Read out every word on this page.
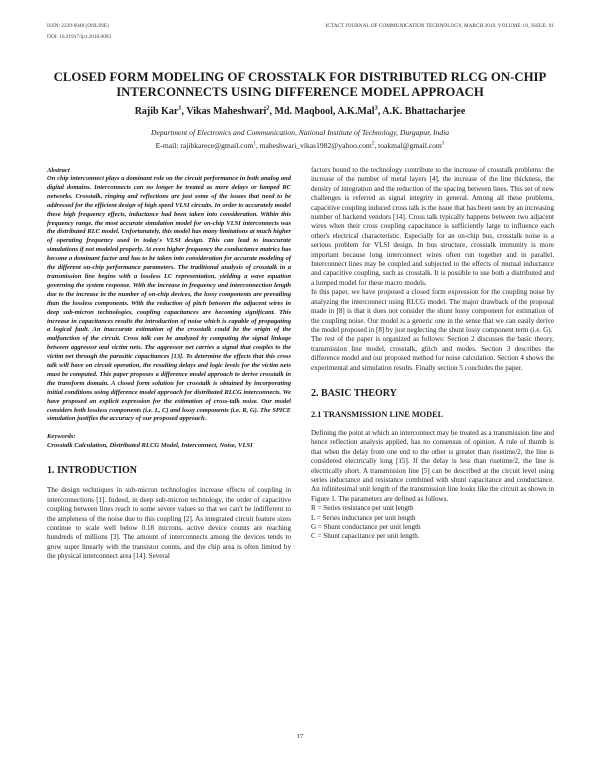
ISSN: 2229-6948 (ONLINE)
DOI: 10.21917/ijct.2010.0003
ICTACT JOURNAL OF COMMUNICATION TECHNOLOGY, MARCH 2010, VOLUME: 01, ISSUE: 01
CLOSED FORM MODELING OF CROSSTALK FOR DISTRIBUTED RLCG ON-CHIP INTERCONNECTS USING DIFFERENCE MODEL APPROACH
Rajib Kar$^1$, Vikas Maheshwari$^2$, Md. Maqbool, A.K.Mal$^3$, A.K. Bhattacharjee
Department of Electronics and Communication, National Institute of Technology, Durgapur, India
E-mail: rajibkarece@gmail.com$^1$, maheshwari_vikas1982@yahoo.com$^2$, toakmal@gmail.com$^3$
Abstract

On chip interconnect plays a dominant role on the circuit performance in both analog and digital domains. Interconnects can no longer be treated as mere delays or lumped RC networks. Crosstalk, ringing and reflections are just some of the issues that need to be addressed for the efficient design of high speed VLSI circuits. In order to accurately model these high frequency effects, inductance had been taken into consideration. Within this frequency range, the most accurate simulation model for on-chip VLSI interconnects was the distributed RLC model. Unfortunately, this model has many limitations at much higher of operating frequency used in today's VLSI design. This can lead to inaccurate simulations if not modeled properly. At even higher frequency the conductance matrics has become a dominant factor and has to be taken into consideration for accurate modeling of the different on-chip performance parameters. The traditional analysis of crosstalk in a transmission line begins with a lossless LC representation, yielding a wave equation governing the system response. With the increase in frequency and interconnection length due to the increase in the number of on-chip devices, the lossy components are prevailing than the lossless components. With the reduction of pitch between the adjacent wires in deep sub-micron technologies, coupling capacitances are becoming significant. This increase in capacitances results the introduction of noise which is capable of propagating a logical fault. An inaccurate estimation of the crosstalk could be the origin of the malfunction of the circuit. Cross talk can be analyzed by computing the signal linkage between aggressor and victim nets. The aggressor net carries a signal that couples to the victim net through the parasitic capacitances [13]. To determine the effects that this cross talk will have on circuit operation, the resulting delays and logic levels for the victim nets must be computed. This paper proposes a difference model approach to derive crosstalk in the transform domain. A closed form solution for crosstalk is obtained by incorporating initial conditions using difference model approach for distributed RLCG interconnects. We have proposed an explicit expression for the estimation of cross-talk noise. Our model considers both lossless components (i.e. L, C) and lossy components (i.e. R, G). The SPICE simulation justifies the accuracy of our proposed approach.

Keywords:

Crosstalk Calculation, Distributed RLCG Model, Interconnect, Noise, VLSI

1. INTRODUCTION

The design techniques in sub-micron technologies increase effects of coupling in interconnections [1]. Indeed, in deep sub-micron technology, the order of capacitive coupling between lines reach to some severe values so that we can't be indifferent to the ampleness of the noise due to this coupling [2]. As integrated circuit feature sizes continue to scale well below 0.18 microns, active device counts are reaching hundreds of millions [3]. The amount of interconnects among the devices tends to grow super linearly with the transistor counts, and the chip area is often limited by the physical interconnect area [14]. Several

factors bound to the technology contribute to the increase of crosstalk problems: the increase of the number of metal layers [4], the increase of the line thickness, the density of integration and the reduction of the spacing between lines. This set of new challenges is referred as signal integrity in general. Among all these problems, capacitive coupling induced cross talk is the issue that has been seen by an increasing number of backend vendors [14]. Cross talk typically happens between two adjacent wires when their cross coupling capacitance is sufficiently large to influence each other's electrical characteristic. Especially for an on-chip bus, crosstalk noise is a serious problem for VLSI design. In bus structure, crosstalk immunity is more important because long interconnect wires often run together and in parallel. Interconnect lines may be coupled and subjected to the effects of mutual inductance and capacitive coupling, such as crosstalk. It is possible to use both a distributed and a lumped model for these macro models.

In this paper, we have proposed a closed form expression for the coupling noise by analyzing the interconnect using RLCG model. The major drawback of the proposal made in [8] is that it does not consider the shunt lossy component for estimation of the coupling noise. Our model is a generic one in the sense that we can easily derive the model proposed in [8] by just neglecting the shunt lossy component term (i.e. G).

The rest of the paper is organized as follows: Section 2 discusses the basic theory, transmission line model, crosstalk, glitch and modes. Section 3 describes the difference model and our proposed method for noise calculation. Section 4 shows the experimental and simulation results. Finally section 5 concludes the paper.

2. BASIC THEORY
2.1 TRANSMISSION LINE MODEL

Defining the point at which an interconnect may be treated as a transmission line and hence reflection analysis applied, has no consensus of opinion. A rule of thumb is that when the delay from one end to the other is greater than risetime/2, the line is considered electrically long [15]. If the delay is less than risetime/2, the line is electrically short. A transmission line [5] can be described at the circuit level using series inductance and resistance combined with shunt capacitance and conductance. An infinitesimal unit length of the transmission line looks like the circuit as shown in Figure 1. The parameters are defined as follows.

R = Series resistance per unit length
L = Series inductance per unit length
G = Shunt conductance per unit length
C = Shunt capacitance per unit length.
17
